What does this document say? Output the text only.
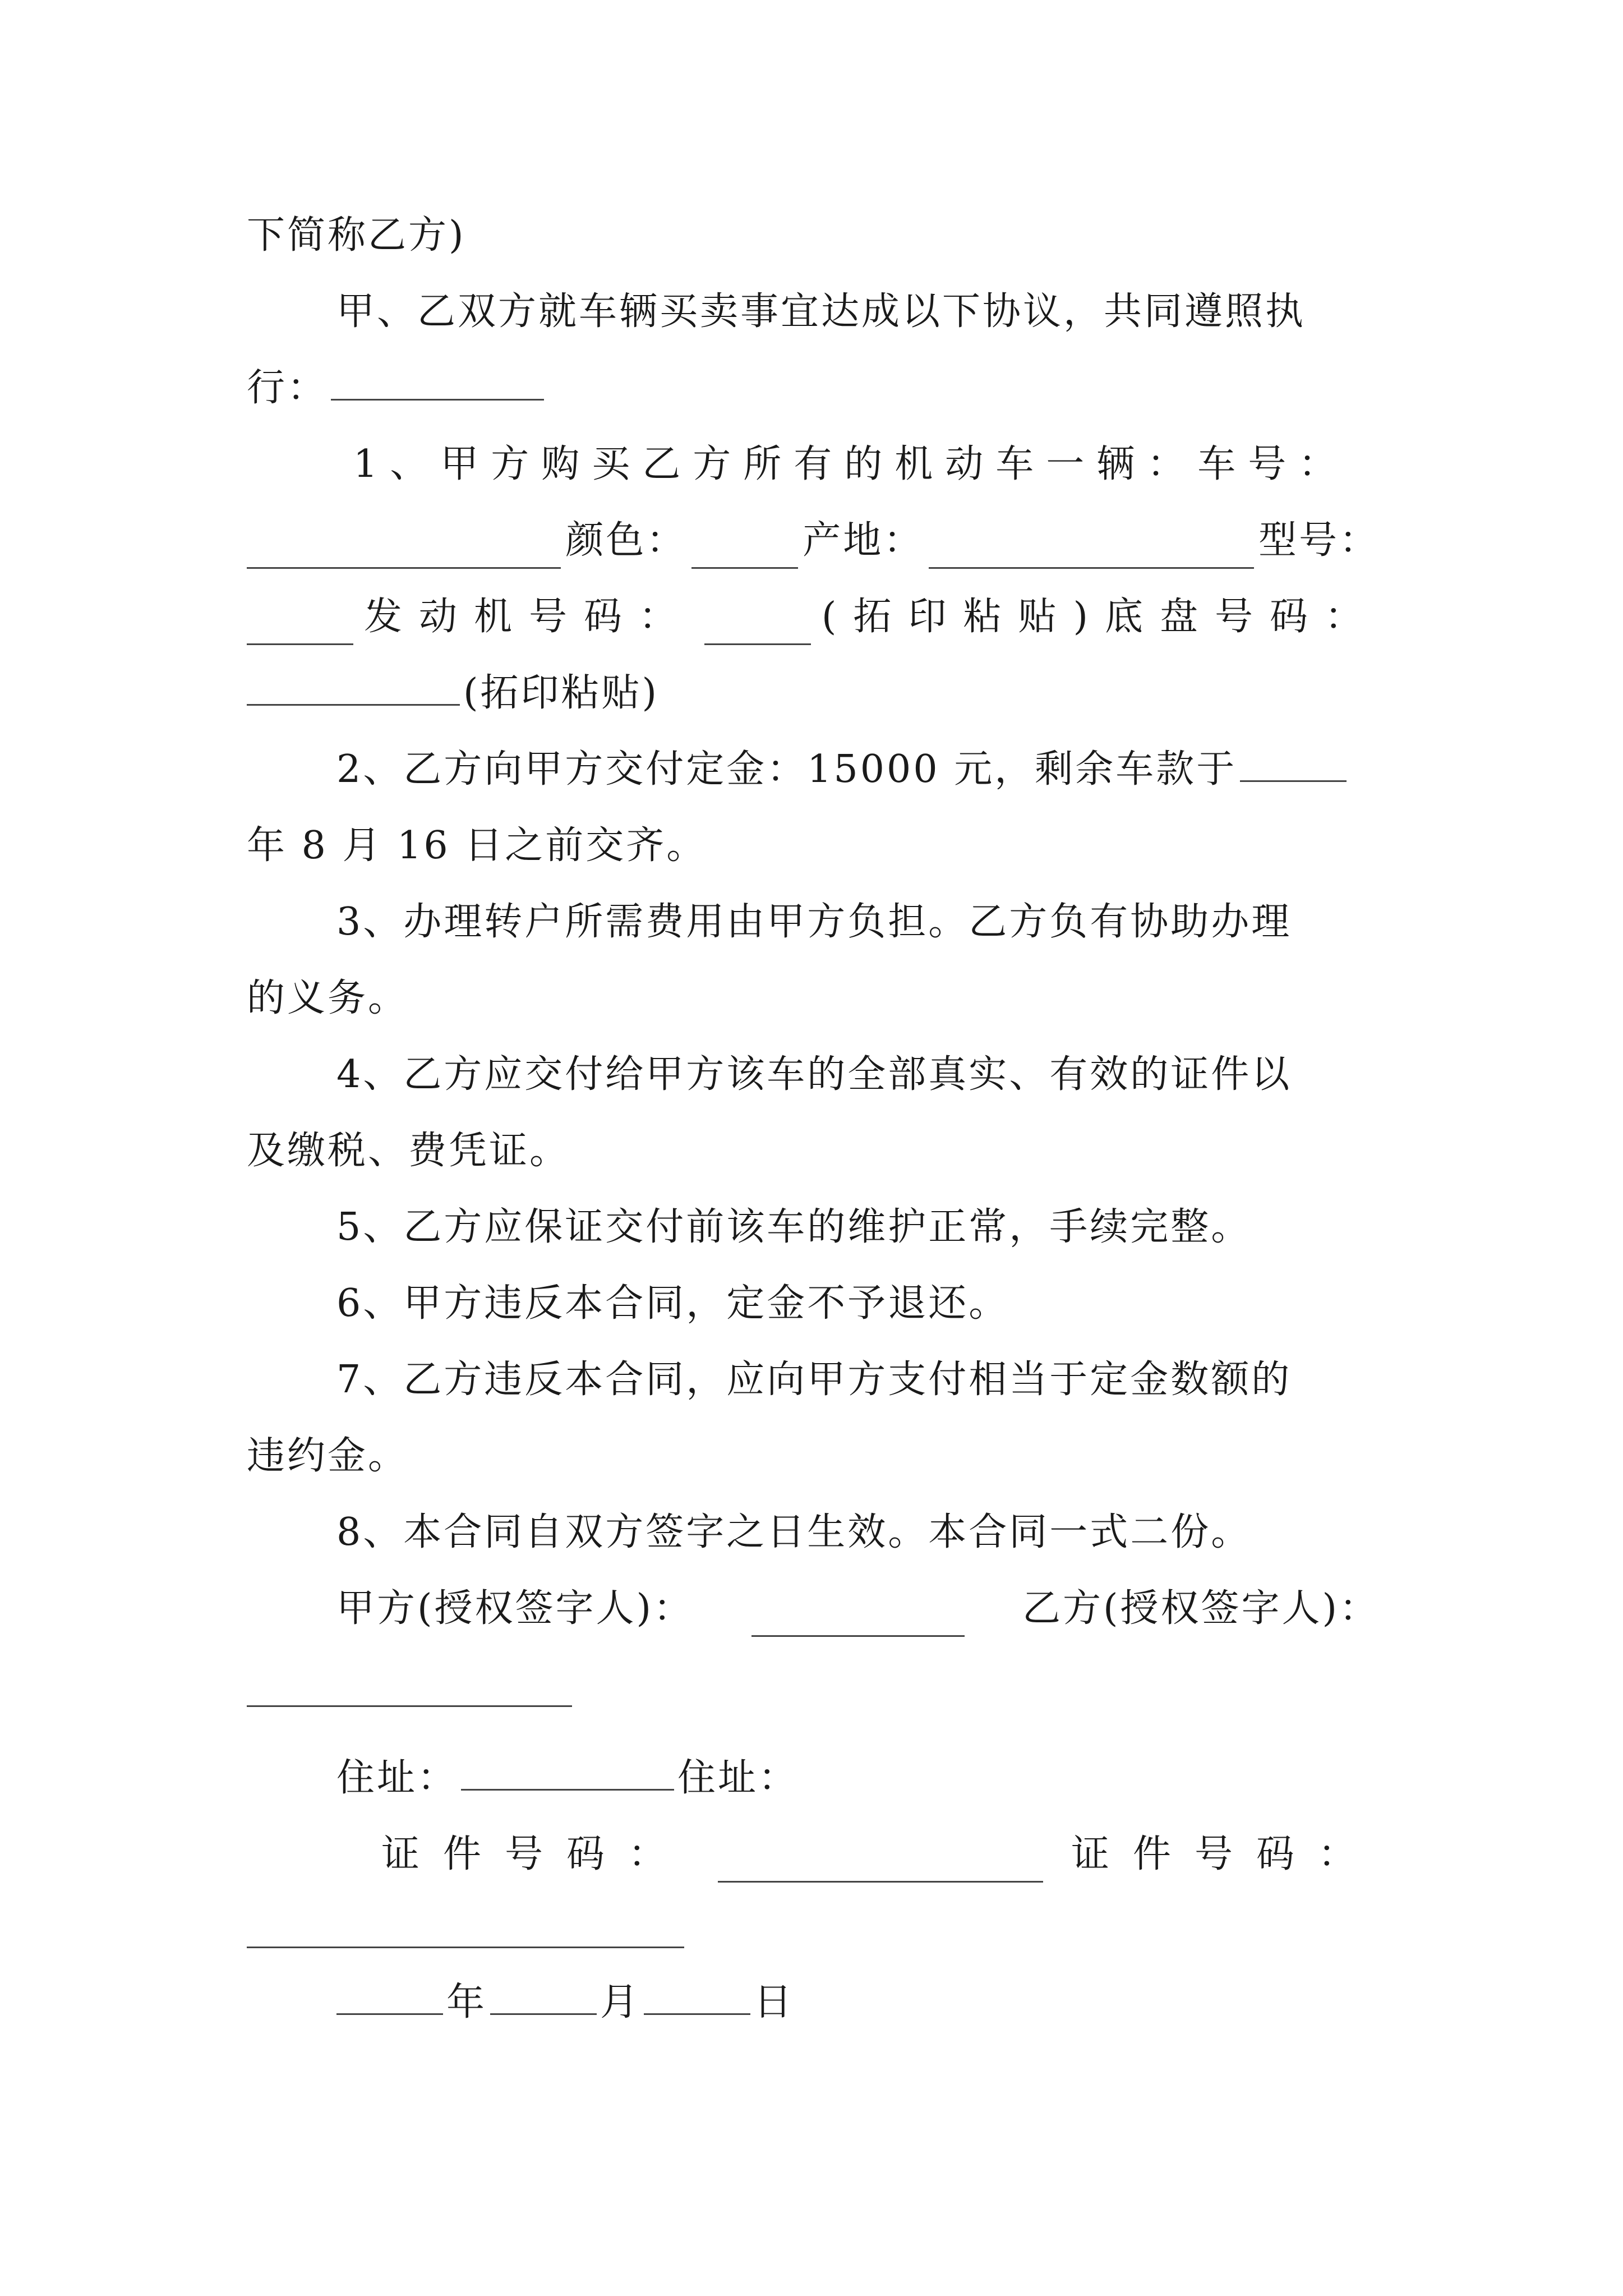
下简称乙方)
甲、乙双方就车辆买卖事宜达成以下协议，共同遵照执
行：
1、甲方购买乙方所有的机动车一辆：车号：
颜色：	产地：	型号：
发动机号码：	(拓印粘贴)底盘号码：
(拓印粘贴)
2、乙方向甲方交付定金：15000 元，剩余车款于
年 8 月 16 日之前交齐。
3、办理转户所需费用由甲方负担。乙方负有协助办理
的义务。
4、乙方应交付给甲方该车的全部真实、有效的证件以
及缴税、费凭证。
5、乙方应保证交付前该车的维护正常，手续完整。
6、甲方违反本合同，定金不予退还。
7、乙方违反本合同，应向甲方支付相当于定金数额的
违约金。
8、本合同自双方签字之日生效。本合同一式二份。
甲方(授权签字人)：	乙方(授权签字人)：
住址：	住址：
证件号码：	证件号码：
年	月	日
